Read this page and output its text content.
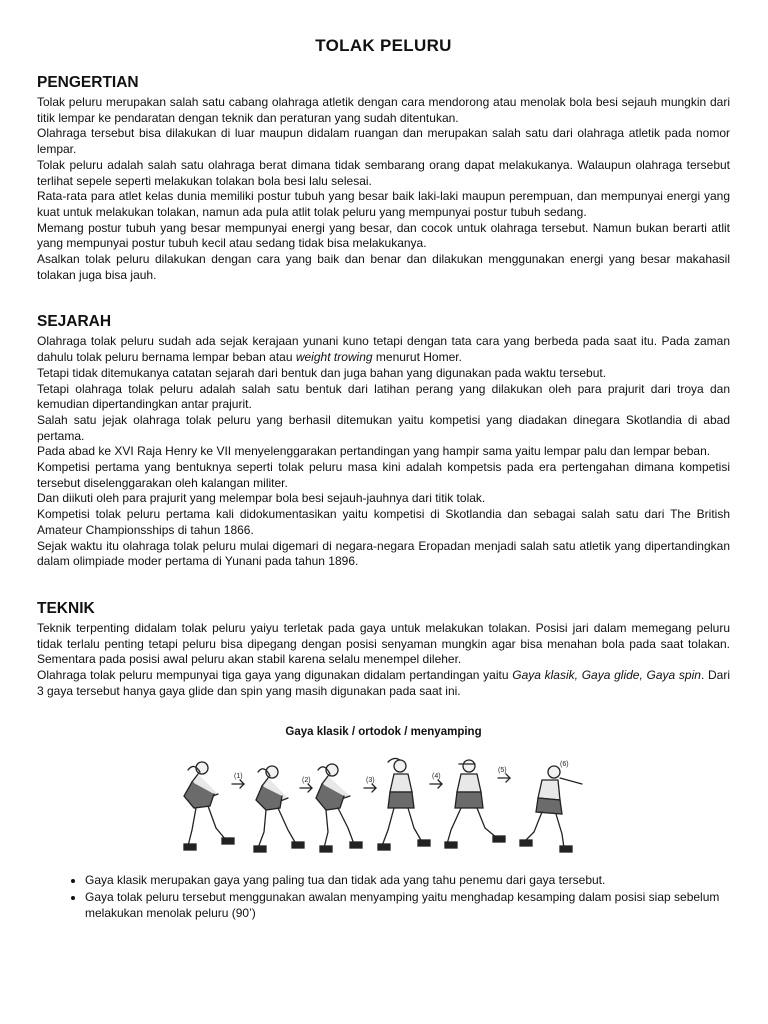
TOLAK PELURU
PENGERTIAN

Tolak peluru merupakan salah satu cabang olahraga atletik dengan cara mendorong atau menolak bola besi sejauh mungkin dari titik lempar ke pendaratan dengan teknik dan peraturan yang sudah ditentukan.

Olahraga tersebut bisa dilakukan di luar maupun didalam ruangan dan merupakan salah satu dari olahraga atletik pada nomor lempar.

Tolak peluru adalah salah satu olahraga berat dimana tidak sembarang orang dapat melakukanya. Walaupun olahraga tersebut terlihat sepele seperti melakukan tolakan bola besi lalu selesai.

Rata-rata para atlet kelas dunia memiliki postur tubuh yang besar baik laki-laki maupun perempuan, dan mempunyai energi yang kuat untuk melakukan tolakan, namun ada pula atlit tolak peluru yang mempunyai postur tubuh sedang.

Memang postur tubuh yang besar mempunyai energi yang besar, dan cocok untuk olahraga tersebut. Namun bukan berarti atlit yang mempunyai postur tubuh kecil atau sedang tidak bisa melakukanya.

Asalkan tolak peluru dilakukan dengan cara yang baik dan benar dan dilakukan menggunakan energi yang besar makahasil tolakan juga bisa jauh.

SEJARAH

Olahraga tolak peluru sudah ada sejak kerajaan yunani kuno tetapi dengan tata cara yang berbeda pada saat itu. Pada zaman dahulu tolak peluru bernama lempar beban atau weight trowing menurut Homer.

Tetapi tidak ditemukanya catatan sejarah dari bentuk dan juga bahan yang digunakan pada waktu tersebut.

Tetapi olahraga tolak peluru adalah salah satu bentuk dari latihan perang yang dilakukan oleh para prajurit dari troya dan kemudian dipertandingkan antar prajurit.

Salah satu jejak olahraga tolak peluru yang berhasil ditemukan yaitu kompetisi yang diadakan dinegara Skotlandia di abad pertama.

Pada abad ke XVI Raja Henry ke VII menyelenggarakan pertandingan yang hampir sama yaitu lempar palu dan lempar beban.

Kompetisi pertama yang bentuknya seperti tolak peluru masa kini adalah kompetsis pada era pertengahan dimana kompetisi tersebut diselenggarakan oleh kalangan militer.

Dan diikuti oleh para prajurit yang melempar bola besi sejauh-jauhnya dari titik tolak.

Kompetisi tolak peluru pertama kali didokumentasikan yaitu kompetisi di Skotlandia dan sebagai salah satu dari The British Amateur Championsships di tahun 1866.

Sejak waktu itu olahraga tolak peluru mulai digemari di negara-negara Eropadan menjadi salah satu atletik yang dipertandingkan dalam olimpiade moder pertama di Yunani pada tahun 1896.

TEKNIK

Teknik terpenting didalam tolak peluru yaiyu terletak pada gaya untuk melakukan tolakan. Posisi jari dalam memegang peluru tidak terlalu penting tetapi peluru bisa dipegang dengan posisi senyaman mungkin agar bisa menahan bola pada saat tolakan. Sementara pada posisi awal peluru akan stabil karena selalu menempel dileher.

Olahraga tolak peluru mempunyai tiga gaya yang digunakan didalam pertandingan yaitu Gaya klasik, Gaya glide, Gaya spin. Dari 3 gaya tersebut hanya gaya glide dan spin yang masih digunakan pada saat ini.

Gaya klasik / ortodok / menyamping
(1)
(2)	(3)
(4)
(5)
(6)
• Gaya klasik merupakan gaya yang paling tua dan tidak ada yang tahu penemu dari gaya tersebut.
• Gaya tolak peluru tersebut menggunakan awalan menyamping yaitu menghadap kesamping dalam posisi siap sebelum melakukan menolak peluru (90’)
